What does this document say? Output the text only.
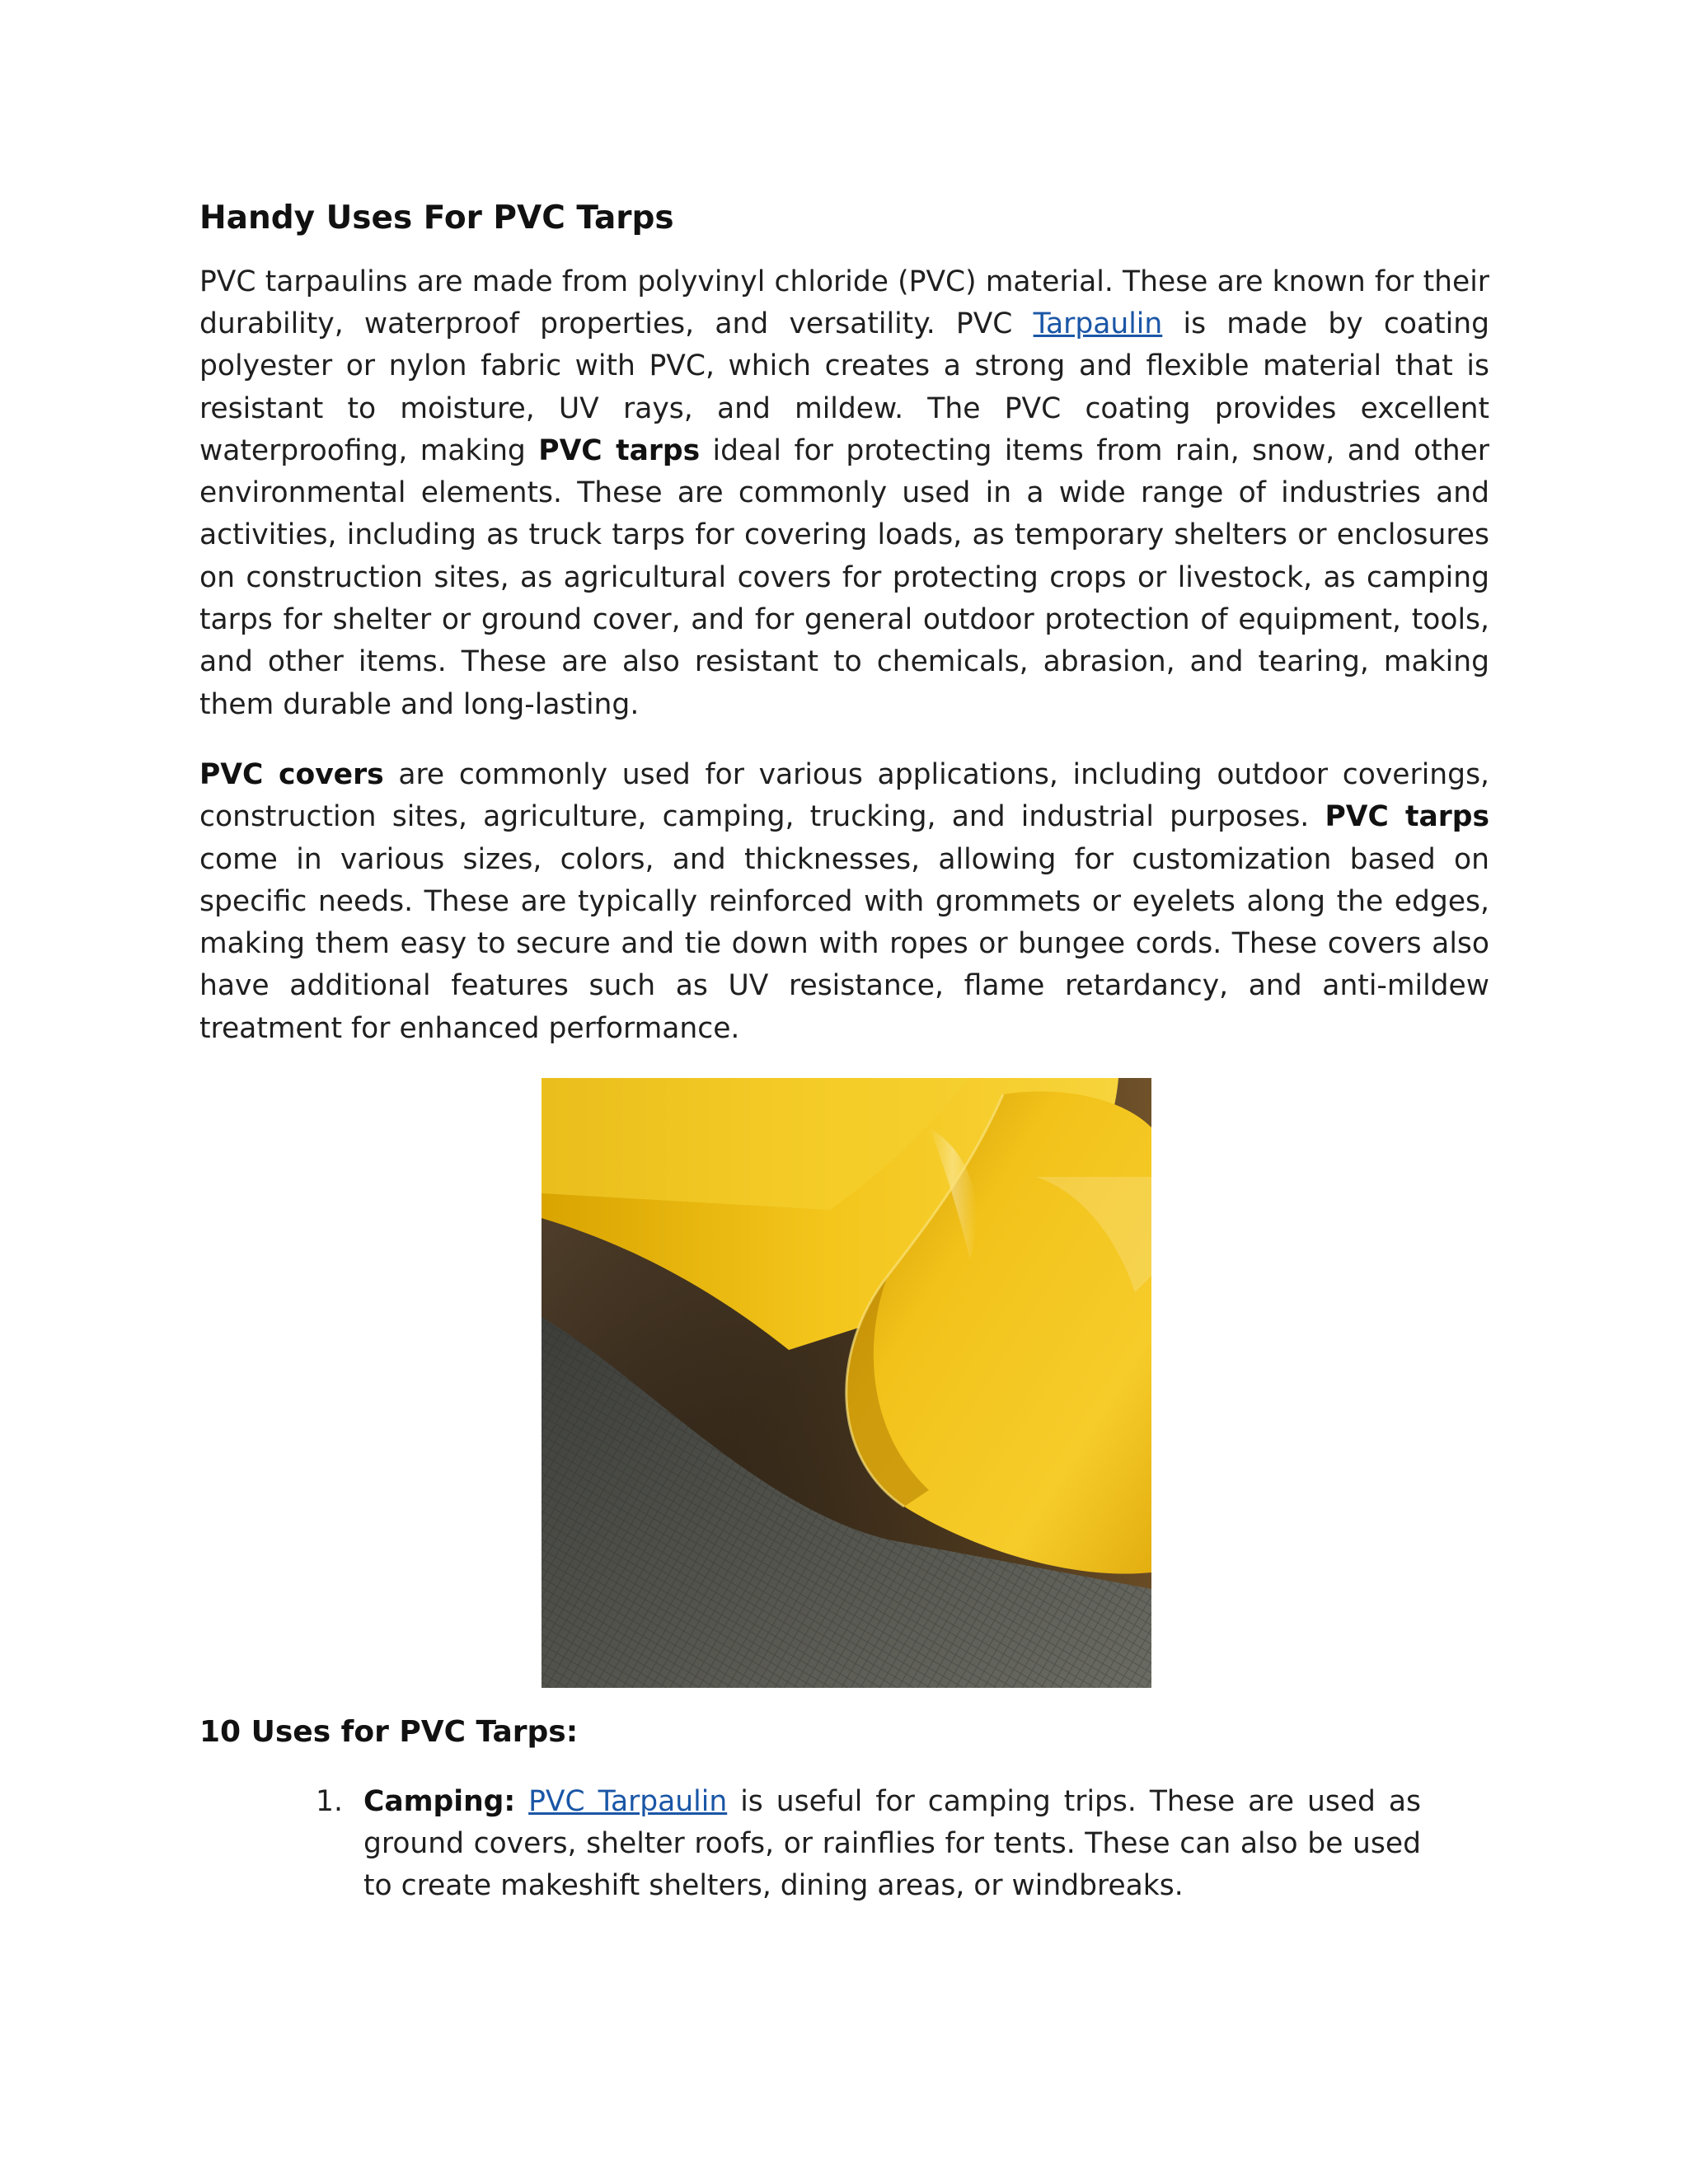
Handy Uses For PVC Tarps

PVC tarpaulins are made from polyvinyl chloride (PVC) material. These are known for their durability, waterproof properties, and versatility. PVC Tarpaulin is made by coating polyester or nylon fabric with PVC, which creates a strong and flexible material that is resistant to moisture, UV rays, and mildew. The PVC coating provides excellent waterproofing, making PVC tarps ideal for protecting items from rain, snow, and other environmental elements. These are commonly used in a wide range of industries and activities, including as truck tarps for covering loads, as temporary shelters or enclosures on construction sites, as agricultural covers for protecting crops or livestock, as camping tarps for shelter or ground cover, and for general outdoor protection of equipment, tools, and other items. These are also resistant to chemicals, abrasion, and tearing, making them durable and long-lasting.

PVC covers are commonly used for various applications, including outdoor coverings, construction sites, agriculture, camping, trucking, and industrial purposes. PVC tarps come in various sizes, colors, and thicknesses, allowing for customization based on specific needs. These are typically reinforced with grommets or eyelets along the edges, making them easy to secure and tie down with ropes or bungee cords. These covers also have additional features such as UV resistance, flame retardancy, and anti-mildew treatment for enhanced performance.

10 Uses for PVC Tarps:
1. Camping: PVC Tarpaulin is useful for camping trips. These are used as ground covers, shelter roofs, or rainflies for tents. These can also be used to create makeshift shelters, dining areas, or windbreaks.
